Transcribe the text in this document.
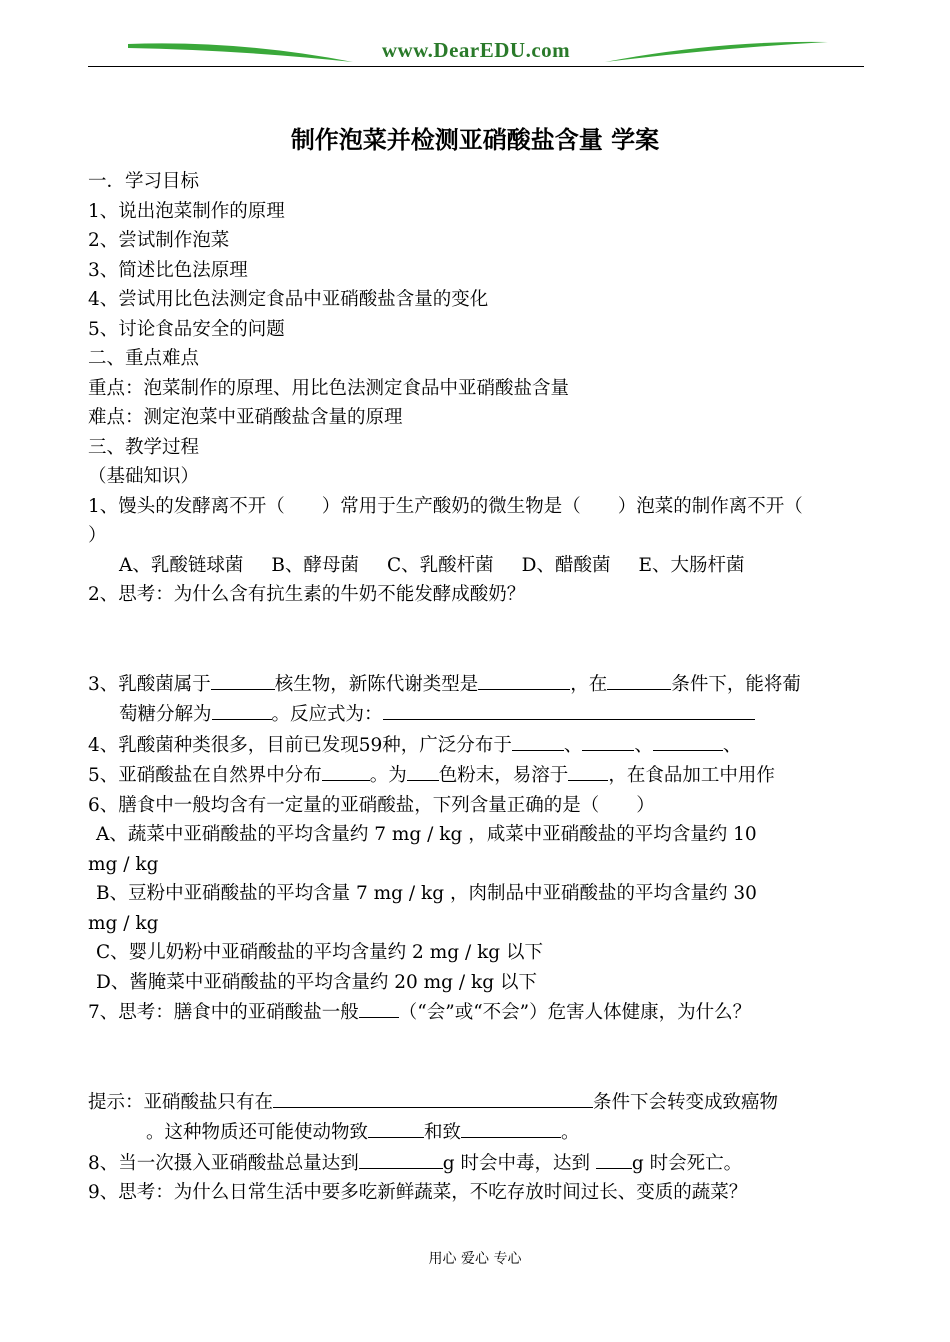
www.DearEDU.com
制作泡菜并检测亚硝酸盐含量 学案
一．学习目标
1、说出泡菜制作的原理
2、尝试制作泡菜
3、简述比色法原理
4、尝试用比色法测定食品中亚硝酸盐含量的变化
5、讨论食品安全的问题
二、重点难点
重点：泡菜制作的原理、用比色法测定食品中亚硝酸盐含量
难点：测定泡菜中亚硝酸盐含量的原理
三、教学过程
（基础知识）
1、馒头的发酵离不开（　　）常用于生产酸奶的微生物是（　　）泡菜的制作离不开（
）
A、乳酸链球菌 B、酵母菌 C、乳酸杆菌 D、醋酸菌 E、大肠杆菌
2、思考：为什么含有抗生素的牛奶不能发酵成酸奶？
3、乳酸菌属于	核生物，新陈代谢类型是	，在	条件下，能将葡
萄糖分解为	。反应式为：
4、乳酸菌种类很多，目前已发现59种，广泛分布于	、	、	、
5、亚硝酸盐在自然界中分布	。为 色粉末，易溶于 ，在食品加工中用作
6、膳食中一般均含有一定量的亚硝酸盐，下列含量正确的是（　　）
A、蔬菜中亚硝酸盐的平均含量约 7 mg / kg ，咸菜中亚硝酸盐的平均含量约 10
mg / kg
B、豆粉中亚硝酸盐的平均含量 7 mg / kg ，肉制品中亚硝酸盐的平均含量约 30
mg / kg
C、婴儿奶粉中亚硝酸盐的平均含量约 2 mg / kg 以下
D、酱腌菜中亚硝酸盐的平均含量约 20 mg / kg 以下
7、思考：膳食中的亚硝酸盐一般 （“会”或“不会”）危害人体健康，为什么？
提示：亚硝酸盐只有在	条件下会转变成致癌物
。这种物质还可能使动物致	和致	。
8、当一次摄入亚硝酸盐总量达到	g 时会中毒，达到 g 时会死亡。
9、思考：为什么日常生活中要多吃新鲜蔬菜，不吃存放时间过长、变质的蔬菜？
用心 爱心 专心
